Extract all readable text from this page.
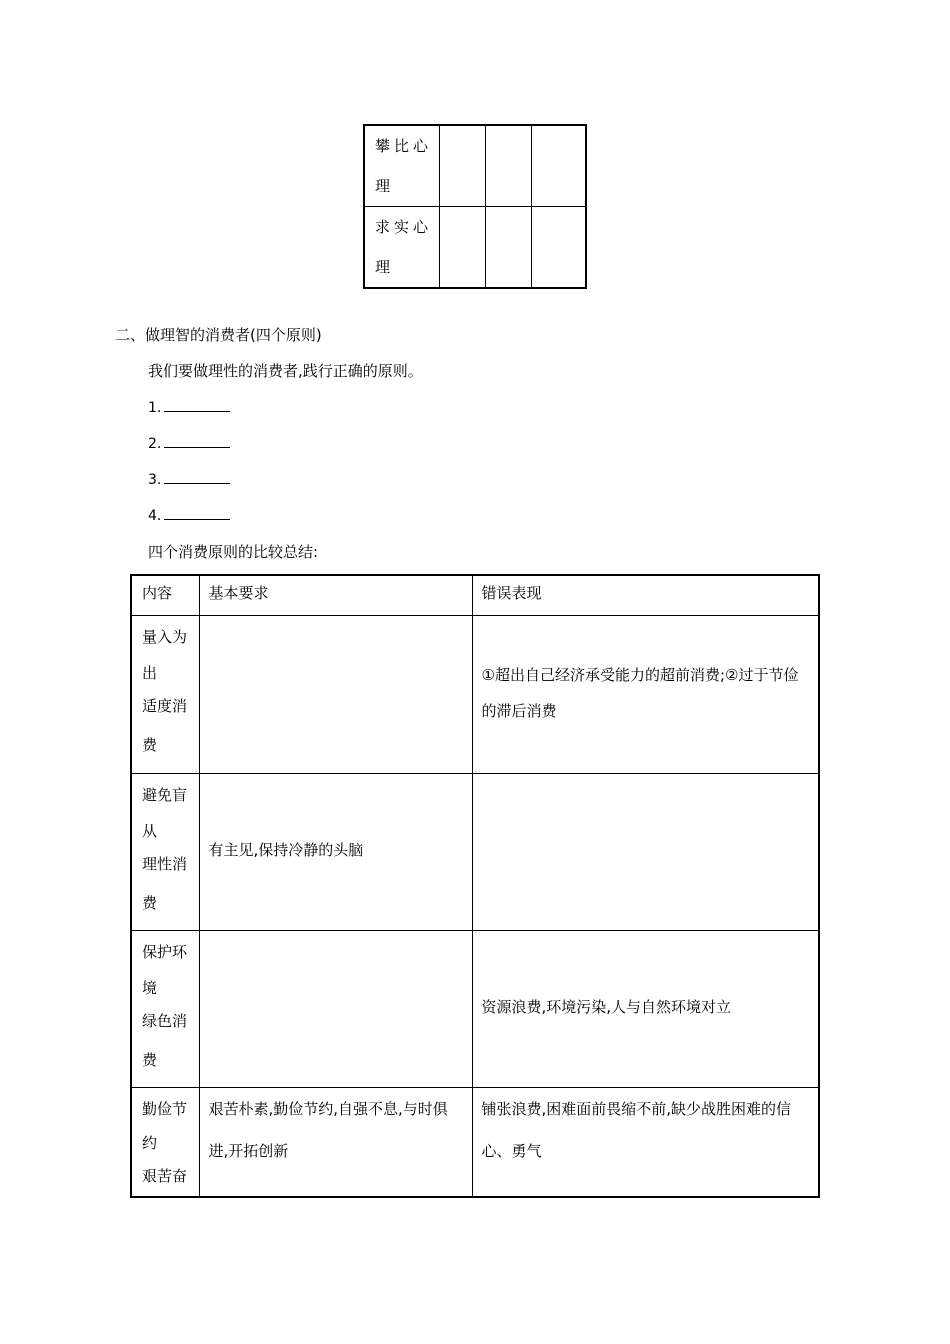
攀比心
理			

求实心
理			

二、做理智的消费者(四个原则)
我们要做理性的消费者,践行正确的原则。
1.
2.
3.
4.
四个消费原则的比较总结:
内容	基本要求	错误表现

量入为
出
适度消
费		①超出自己经济承受能力的超前消费;②过于节俭的滞后消费

避免盲
从
理性消
费	有主见,保持冷静的头脑	

保护环
境
绿色消
费		资源浪费,环境污染,人与自然环境对立

勤俭节
约
艰苦奋	艰苦朴素,勤俭节约,自强不息,与时俱进,开拓创新	铺张浪费,困难面前畏缩不前,缺少战胜困难的信心、勇气
